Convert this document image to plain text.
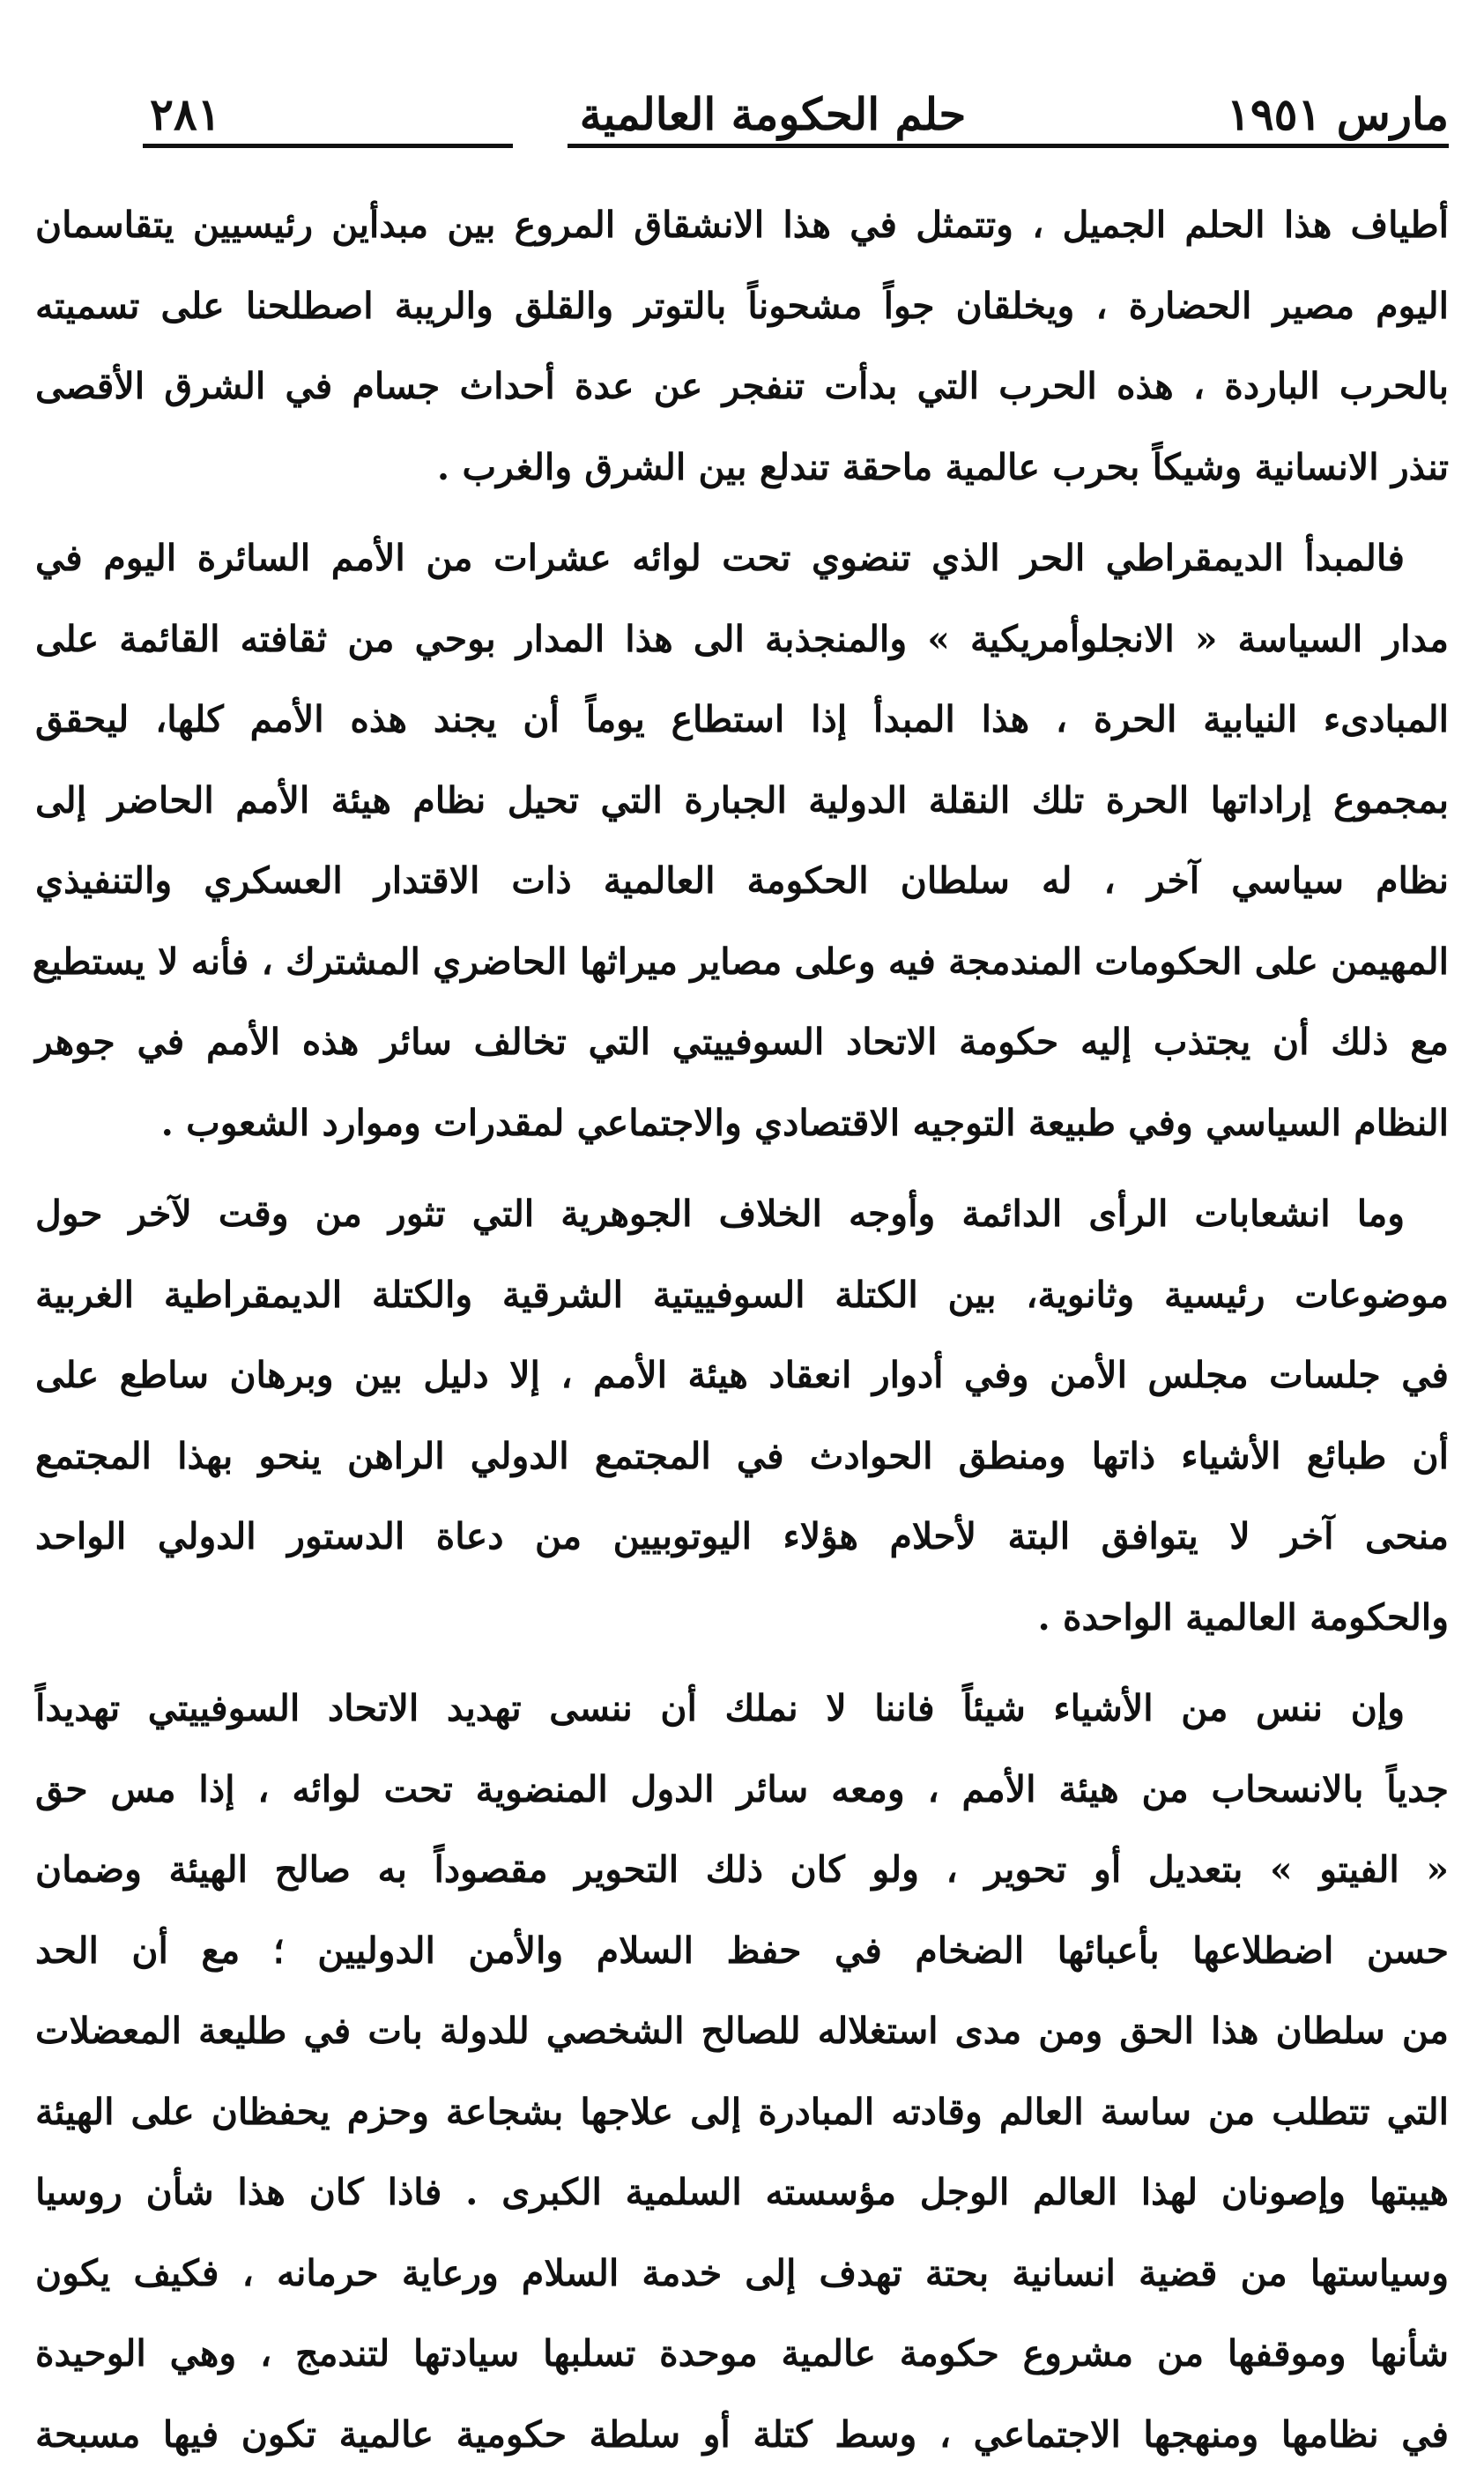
مارس ١٩٥١
حلم الحكومة العالمية
٢٨١
أطياف هذا الحلم الجميل ، وتتمثل في هذا الانشقاق المروع بين مبدأين رئيسيين يتقاسمان
اليوم مصير الحضارة ، ويخلقان جواً مشحوناً بالتوتر والقلق والريبة اصطلحنا على تسميته
بالحرب الباردة ، هذه الحرب التي بدأت تنفجر عن عدة أحداث جسام في الشرق الأقصى
تنذر الانسانية وشيكاً بحرب عالمية ماحقة تندلع بين الشرق والغرب .
فالمبدأ الديمقراطي الحر الذي تنضوي تحت لوائه عشرات من الأمم السائرة اليوم في
مدار السياسة « الانجلوأمريكية » والمنجذبة الى هذا المدار بوحي من ثقافته القائمة على
المبادىء النيابية الحرة ، هذا المبدأ إذا استطاع يوماً أن يجند هذه الأمم كلها، ليحقق
بمجموع إراداتها الحرة تلك النقلة الدولية الجبارة التي تحيل نظام هيئة الأمم الحاضر إلى
نظام سياسي آخر ، له سلطان الحكومة العالمية ذات الاقتدار العسكري والتنفيذي
المهيمن على الحكومات المندمجة فيه وعلى مصاير ميراثها الحاضري المشترك ، فأنه لا يستطيع
مع ذلك أن يجتذب إليه حكومة الاتحاد السوفييتي التي تخالف سائر هذه الأمم في جوهر
النظام السياسي وفي طبيعة التوجيه الاقتصادي والاجتماعي لمقدرات وموارد الشعوب .
وما انشعابات الرأى الدائمة وأوجه الخلاف الجوهرية التي تثور من وقت لآخر حول
موضوعات رئيسية وثانوية، بين الكتلة السوفييتية الشرقية والكتلة الديمقراطية الغربية
في جلسات مجلس الأمن وفي أدوار انعقاد هيئة الأمم ، إلا دليل بين وبرهان ساطع على
أن طبائع الأشياء ذاتها ومنطق الحوادث في المجتمع الدولي الراهن ينحو بهذا المجتمع
منحى آخر لا يتوافق البتة لأحلام هؤلاء اليوتوبيين من دعاة الدستور الدولي الواحد
والحكومة العالمية الواحدة .
وإن ننس من الأشياء شيئاً فاننا لا نملك أن ننسى تهديد الاتحاد السوفييتي تهديداً
جدياً بالانسحاب من هيئة الأمم ، ومعه سائر الدول المنضوية تحت لوائه ، إذا مس حق
« الفيتو » بتعديل أو تحوير ، ولو كان ذلك التحوير مقصوداً به صالح الهيئة وضمان
حسن اضطلاعها بأعبائها الضخام في حفظ السلام والأمن الدوليين ؛ مع أن الحد
من سلطان هذا الحق ومن مدى استغلاله للصالح الشخصي للدولة بات في طليعة المعضلات
التي تتطلب من ساسة العالم وقادته المبادرة إلى علاجها بشجاعة وحزم يحفظان على الهيئة
هيبتها وإصونان لهذا العالم الوجل مؤسسته السلمية الكبرى . فاذا كان هذا شأن روسيا
وسياستها من قضية انسانية بحتة تهدف إلى خدمة السلام ورعاية حرمانه ، فكيف يكون
شأنها وموقفها من مشروع حكومة عالمية موحدة تسلبها سيادتها لتندمج ، وهي الوحيدة
في نظامها ومنهجها الاجتماعي ، وسط كتلة أو سلطة حكومية عالمية تكون فيها مسبحة
